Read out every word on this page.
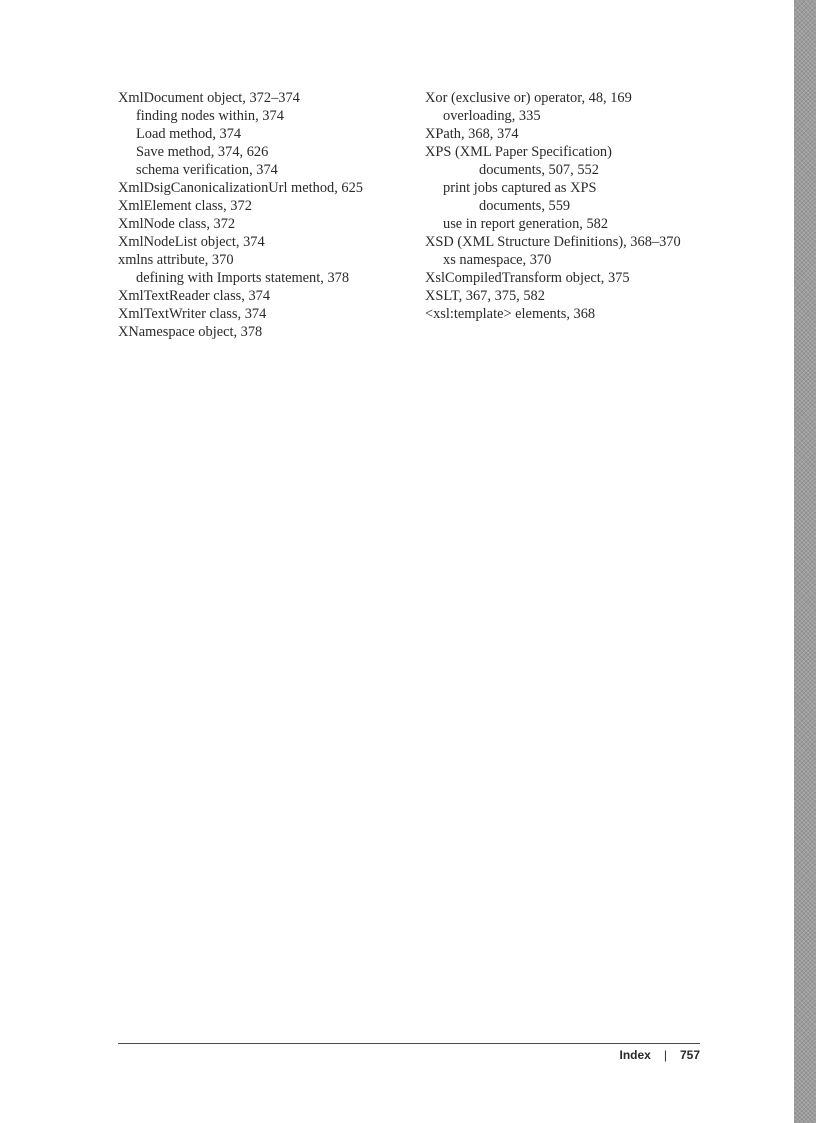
XmlDocument object, 372–374
finding nodes within, 374
Load method, 374
Save method, 374, 626
schema verification, 374
XmlDsigCanonicalizationUrl method, 625
XmlElement class, 372
XmlNode class, 372
XmlNodeList object, 374
xmlns attribute, 370
defining with Imports statement, 378
XmlTextReader class, 374
XmlTextWriter class, 374
XNamespace object, 378
Xor (exclusive or) operator, 48, 169
overloading, 335
XPath, 368, 374
XPS (XML Paper Specification)
documents, 507, 552
print jobs captured as XPS
documents, 559
use in report generation, 582
XSD (XML Structure Definitions), 368–370
xs namespace, 370
XslCompiledTransform object, 375
XSLT, 367, 375, 582
<xsl:template> elements, 368
Index | 757
